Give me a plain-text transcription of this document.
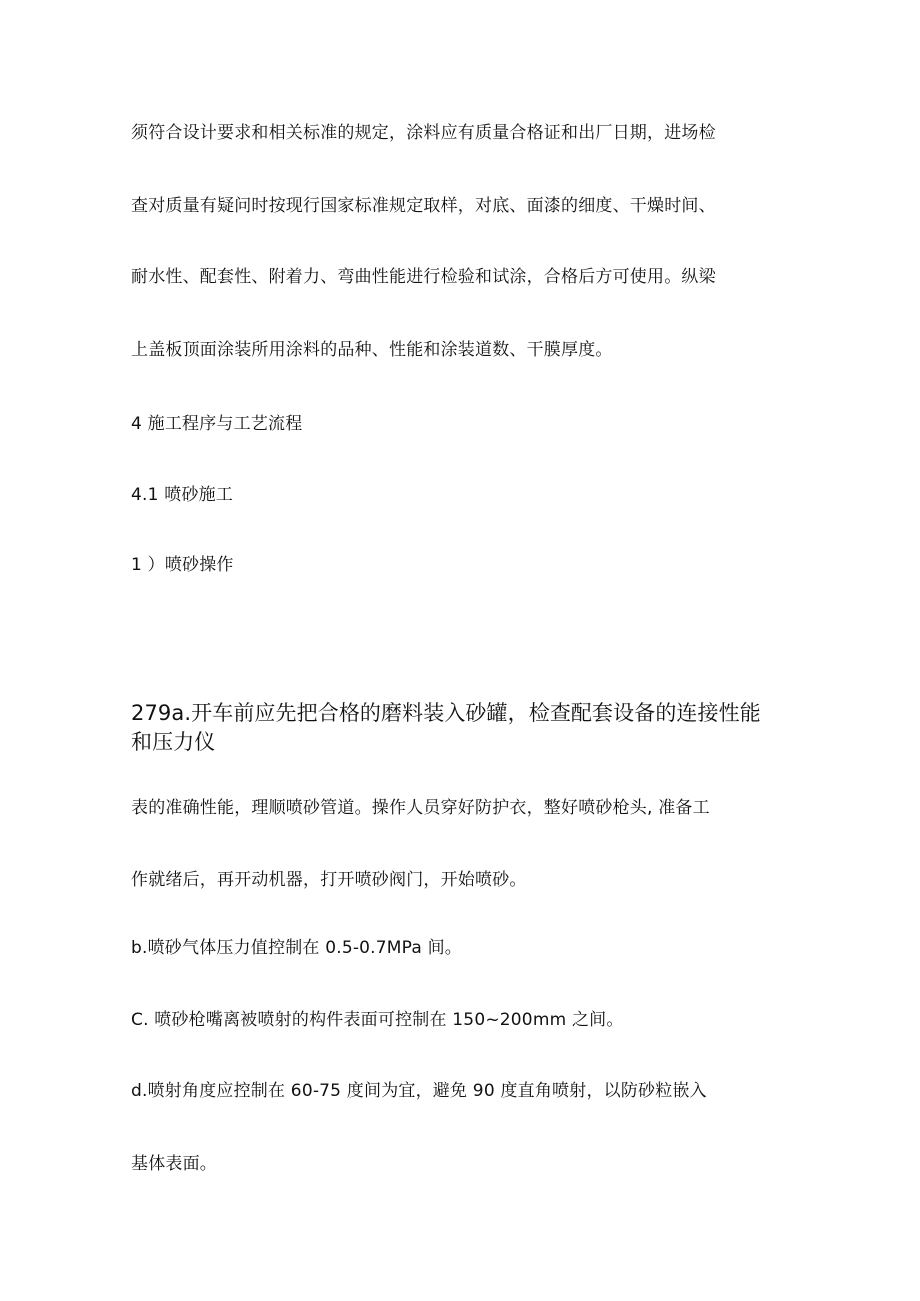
须符合设计要求和相关标准的规定，涂料应有质量合格证和出厂日期，进场检
查对质量有疑问时按现行国家标准规定取样，对底、面漆的细度、干燥时间、
耐水性、配套性、附着力、弯曲性能进行检验和试涂，合格后方可使用。纵梁
上盖板顶面涂装所用涂料的品种、性能和涂装道数、干膜厚度。
4 施工程序与工艺流程
4.1 喷砂施工
1 ）喷砂操作
279a.开车前应先把合格的磨料装入砂罐，检查配套设备的连接性能
和压力仪
表的准确性能，理顺喷砂管道。操作人员穿好防护衣，整好喷砂枪头, 准备工
作就绪后，再开动机器，打开喷砂阀门，开始喷砂。
b.喷砂气体压力值控制在 0.5-0.7MPa 间。
C. 喷砂枪嘴离被喷射的构件表面可控制在 150~200mm 之间。
d.喷射角度应控制在 60-75 度间为宜，避免 90 度直角喷射，以防砂粒嵌入
基体表面。
